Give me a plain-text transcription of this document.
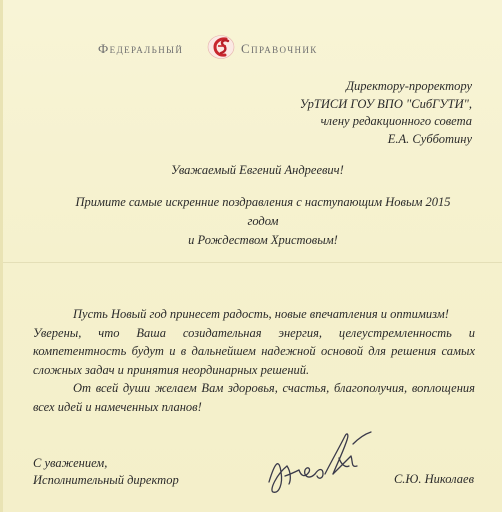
Федеральный	Справочник
Директору-проректору
УрТИСИ ГОУ ВПО "СибГУТИ",
члену редакционного совета
Е.А. Субботину
Уважаемый Евгений Андреевич!
Примите самые искренние поздравления с наступающим Новым 2015 годом
и Рождеством Христовым!

Пусть Новый год принесет радость, новые впечатления и оптимизм!

Уверены, что Ваша созидательная энергия, целеустремленность и компетентность будут и в дальнейшем надежной основой для решения самых сложных задач и принятия неординарных решений.

От всей души желаем Вам здоровья, счастья, благополучия, воплощения всех идей и намеченных планов!

С уважением,
Исполнительный директор	С.Ю. Николаев
